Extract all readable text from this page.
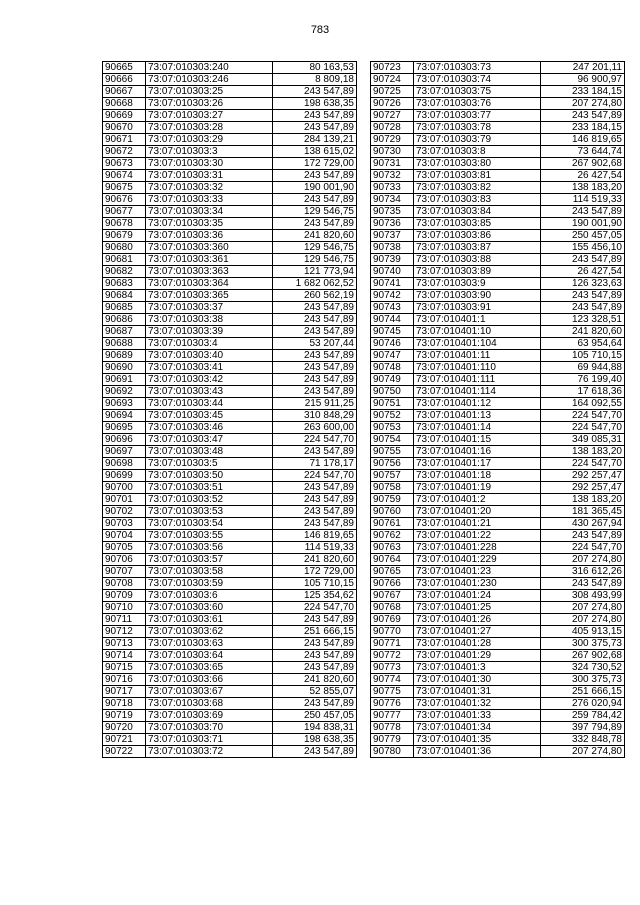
783
90665	73:07:010303:240	80 163,53
90666	73:07:010303:246	8 809,18
90667	73:07:010303:25	243 547,89
90668	73:07:010303:26	198 638,35
90669	73:07:010303:27	243 547,89
90670	73:07:010303:28	243 547,89
90671	73:07:010303:29	284 139,21
90672	73:07:010303:3	138 615,02
90673	73:07:010303:30	172 729,00
90674	73:07:010303:31	243 547,89
90675	73:07:010303:32	190 001,90
90676	73:07:010303:33	243 547,89
90677	73:07:010303:34	129 546,75
90678	73:07:010303:35	243 547,89
90679	73:07:010303:36	241 820,60
90680	73:07:010303:360	129 546,75
90681	73:07:010303:361	129 546,75
90682	73:07:010303:363	121 773,94
90683	73:07:010303:364	1 682 062,52
90684	73:07:010303:365	260 562,19
90685	73:07:010303:37	243 547,89
90686	73:07:010303:38	243 547,89
90687	73:07:010303:39	243 547,89
90688	73:07:010303:4	53 207,44
90689	73:07:010303:40	243 547,89
90690	73:07:010303:41	243 547,89
90691	73:07:010303:42	243 547,89
90692	73:07:010303:43	243 547,89
90693	73:07:010303:44	215 911,25
90694	73:07:010303:45	310 848,29
90695	73:07:010303:46	263 600,00
90696	73:07:010303:47	224 547,70
90697	73:07:010303:48	243 547,89
90698	73:07:010303:5	71 178,17
90699	73:07:010303:50	224 547,70
90700	73:07:010303:51	243 547,89
90701	73:07:010303:52	243 547,89
90702	73:07:010303:53	243 547,89
90703	73:07:010303:54	243 547,89
90704	73:07:010303:55	146 819,65
90705	73:07:010303:56	114 519,33
90706	73:07:010303:57	241 820,60
90707	73:07:010303:58	172 729,00
90708	73:07:010303:59	105 710,15
90709	73:07:010303:6	125 354,62
90710	73:07:010303:60	224 547,70
90711	73:07:010303:61	243 547,89
90712	73:07:010303:62	251 666,15
90713	73:07:010303:63	243 547,89
90714	73:07:010303:64	243 547,89
90715	73:07:010303:65	243 547,89
90716	73:07:010303:66	241 820,60
90717	73:07:010303:67	52 855,07
90718	73:07:010303:68	243 547,89
90719	73:07:010303:69	250 457,05
90720	73:07:010303:70	194 838,31
90721	73:07:010303:71	198 638,35
90722	73:07:010303:72	243 547,89
90723	73:07:010303:73	247 201,11
90724	73:07:010303:74	96 900,97
90725	73:07:010303:75	233 184,15
90726	73:07:010303:76	207 274,80
90727	73:07:010303:77	243 547,89
90728	73:07:010303:78	233 184,15
90729	73:07:010303:79	146 819,65
90730	73:07:010303:8	73 644,74
90731	73:07:010303:80	267 902,68
90732	73:07:010303:81	26 427,54
90733	73:07:010303:82	138 183,20
90734	73:07:010303:83	114 519,33
90735	73:07:010303:84	243 547,89
90736	73:07:010303:85	190 001,90
90737	73:07:010303:86	250 457,05
90738	73:07:010303:87	155 456,10
90739	73:07:010303:88	243 547,89
90740	73:07:010303:89	26 427,54
90741	73:07:010303:9	126 323,63
90742	73:07:010303:90	243 547,89
90743	73:07:010303:91	243 547,89
90744	73:07:010401:1	123 328,51
90745	73:07:010401:10	241 820,60
90746	73:07:010401:104	63 954,64
90747	73:07:010401:11	105 710,15
90748	73:07:010401:110	69 944,88
90749	73:07:010401:111	76 199,40
90750	73:07:010401:114	17 618,36
90751	73:07:010401:12	164 092,55
90752	73:07:010401:13	224 547,70
90753	73:07:010401:14	224 547,70
90754	73:07:010401:15	349 085,31
90755	73:07:010401:16	138 183,20
90756	73:07:010401:17	224 547,70
90757	73:07:010401:18	292 257,47
90758	73:07:010401:19	292 257,47
90759	73:07:010401:2	138 183,20
90760	73:07:010401:20	181 365,45
90761	73:07:010401:21	430 267,94
90762	73:07:010401:22	243 547,89
90763	73:07:010401:228	224 547,70
90764	73:07:010401:229	207 274,80
90765	73:07:010401:23	316 612,26
90766	73:07:010401:230	243 547,89
90767	73:07:010401:24	308 493,99
90768	73:07:010401:25	207 274,80
90769	73:07:010401:26	207 274,80
90770	73:07:010401:27	405 913,15
90771	73:07:010401:28	300 375,73
90772	73:07:010401:29	267 902,68
90773	73:07:010401:3	324 730,52
90774	73:07:010401:30	300 375,73
90775	73:07:010401:31	251 666,15
90776	73:07:010401:32	276 020,94
90777	73:07:010401:33	259 784,42
90778	73:07:010401:34	397 794,89
90779	73:07:010401:35	332 848,78
90780	73:07:010401:36	207 274,80
